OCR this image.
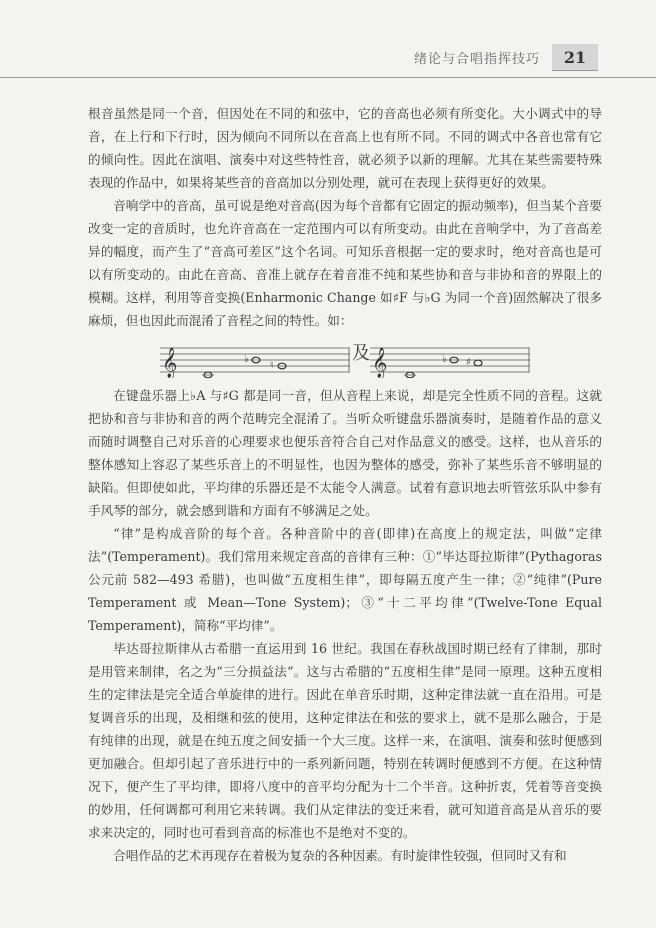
绪论与合唱指挥技巧	21

根音虽然是同一个音，但因处在不同的和弦中，它的音高也必须有所变化。大小调式中的导音，在上行和下行时，因为倾向不同所以在音高上也有所不同。不同的调式中各音也常有它的倾向性。因此在演唱、演奏中对这些特性音，就必须予以新的理解。尤其在某些需要特殊表现的作品中，如果将某些音的音高加以分别处理，就可在表现上获得更好的效果。

音响学中的音高，虽可说是绝对音高(因为每个音都有它固定的振动频率)，但当某个音要改变一定的音质时，也允许音高在一定范围内可以有所变动。由此在音响学中，为了音高差异的幅度，而产生了“音高可差区”这个名词。可知乐音根据一定的要求时，绝对音高也是可以有所变动的。由此在音高、音准上就存在着音准不纯和某些协和音与非协和音的界限上的模糊。这样，利用等音变换(Enharmonic Change 如♯F 与♭G 为同一个音)固然解决了很多麻烦，但也因此而混淆了音程之间的特性。如：

𝄞	♭
♮
及 𝄞	♭ ♯

在键盘乐器上♭A 与♯G 都是同一音，但从音程上来说，却是完全性质不同的音程。这就把协和音与非协和音的两个范畴完全混淆了。当听众听键盘乐器演奏时，是随着作品的意义而随时调整自己对乐音的心理要求也便乐音符合自己对作品意义的感受。这样，也从音乐的整体感知上容忍了某些乐音上的不明显性，也因为整体的感受，弥补了某些乐音不够明显的缺陷。但即使如此，平均律的乐器还是不太能令人满意。试着有意识地去听管弦乐队中参有手风琴的部分，就会感到谐和方面有不够满足之处。

“律”是构成音阶的每个音。各种音阶中的音(即律)在高度上的规定法，叫做“定律法”(Temperament)。我们常用来规定音高的音律有三种：①“毕达哥拉斯律”(Pythagoras 公元前 582—493 希腊)，也叫做“五度相生律”，即每隔五度产生一律；②“纯律”(Pure Temperament 或 Mean—Tone System)；③“十二平均律”(Twelve-Tone Equal Temperament)，简称“平均律”。

毕达哥拉斯律从古希腊一直运用到 16 世纪。我国在春秋战国时期已经有了律制，那时是用管来制律，名之为“三分损益法”。这与古希腊的“五度相生律”是同一原理。这种五度相生的定律法是完全适合单旋律的进行。因此在单音乐时期，这种定律法就一直在沿用。可是复调音乐的出现，及相继和弦的使用，这种定律法在和弦的要求上，就不是那么融合，于是有纯律的出现，就是在纯五度之间安插一个大三度。这样一来，在演唱、演奏和弦时便感到更加融合。但却引起了音乐进行中的一系列新问题，特别在转调时便感到不方便。在这种情况下，便产生了平均律，即将八度中的音平均分配为十二个半音。这种折衷，凭着等音变换的妙用，任何调都可利用它来转调。我们从定律法的变迁来看，就可知道音高是从音乐的要求来决定的，同时也可看到音高的标准也不是绝对不变的。

合唱作品的艺术再现存在着极为复杂的各种因素。有时旋律性较强，但同时又有和
